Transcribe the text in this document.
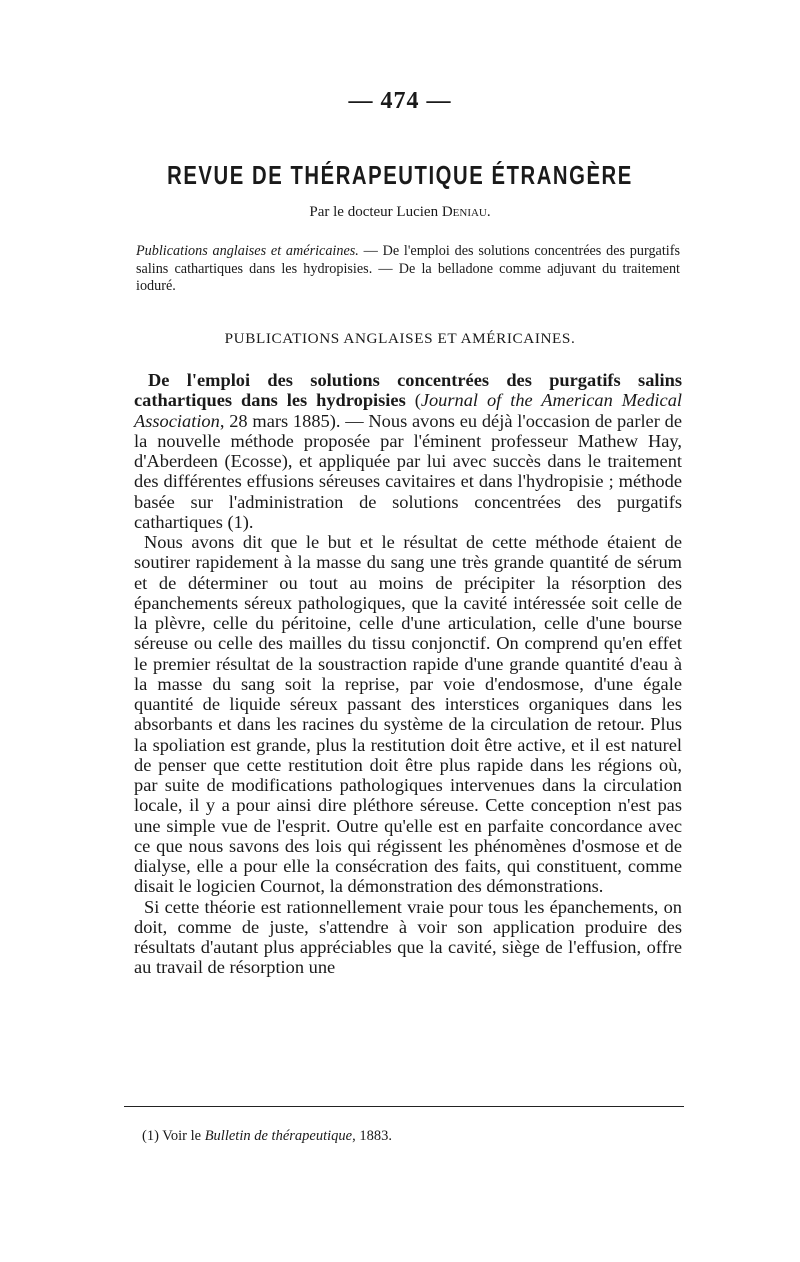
— 474 —
REVUE DE THÉRAPEUTIQUE ÉTRANGÈRE
Par le docteur Lucien Deniau.
Publications anglaises et américaines. — De l'emploi des solutions concentrées des purgatifs salins cathartiques dans les hydropisies. — De la belladone comme adjuvant du traitement ioduré.
PUBLICATIONS ANGLAISES ET AMÉRICAINES.

De l'emploi des solutions concentrées des purgatifs salins cathartiques dans les hydropisies (Journal of the American Medical Association, 28 mars 1885). — Nous avons eu déjà l'occasion de parler de la nouvelle méthode proposée par l'éminent professeur Mathew Hay, d'Aberdeen (Ecosse), et appliquée par lui avec succès dans le traitement des différentes effusions séreuses cavitaires et dans l'hydropisie ; méthode basée sur l'administration de solutions concentrées des purgatifs cathartiques (1).

Nous avons dit que le but et le résultat de cette méthode étaient de soutirer rapidement à la masse du sang une très grande quantité de sérum et de déterminer ou tout au moins de précipiter la résorption des épanchements séreux pathologiques, que la cavité intéressée soit celle de la plèvre, celle du péritoine, celle d'une articulation, celle d'une bourse séreuse ou celle des mailles du tissu conjonctif. On comprend qu'en effet le premier résultat de la soustraction rapide d'une grande quantité d'eau à la masse du sang soit la reprise, par voie d'endosmose, d'une égale quantité de liquide séreux passant des interstices organiques dans les absorbants et dans les racines du système de la circulation de retour. Plus la spoliation est grande, plus la restitution doit être active, et il est naturel de penser que cette restitution doit être plus rapide dans les régions où, par suite de modifications pathologiques intervenues dans la circulation locale, il y a pour ainsi dire pléthore séreuse. Cette conception n'est pas une simple vue de l'esprit. Outre qu'elle est en parfaite concordance avec ce que nous savons des lois qui régissent les phénomènes d'osmose et de dialyse, elle a pour elle la consécration des faits, qui constituent, comme disait le logicien Cournot, la démonstration des démonstrations.

Si cette théorie est rationnellement vraie pour tous les épanchements, on doit, comme de juste, s'attendre à voir son application produire des résultats d'autant plus appréciables que la cavité, siège de l'effusion, offre au travail de résorption une

(1) Voir le Bulletin de thérapeutique, 1883.
